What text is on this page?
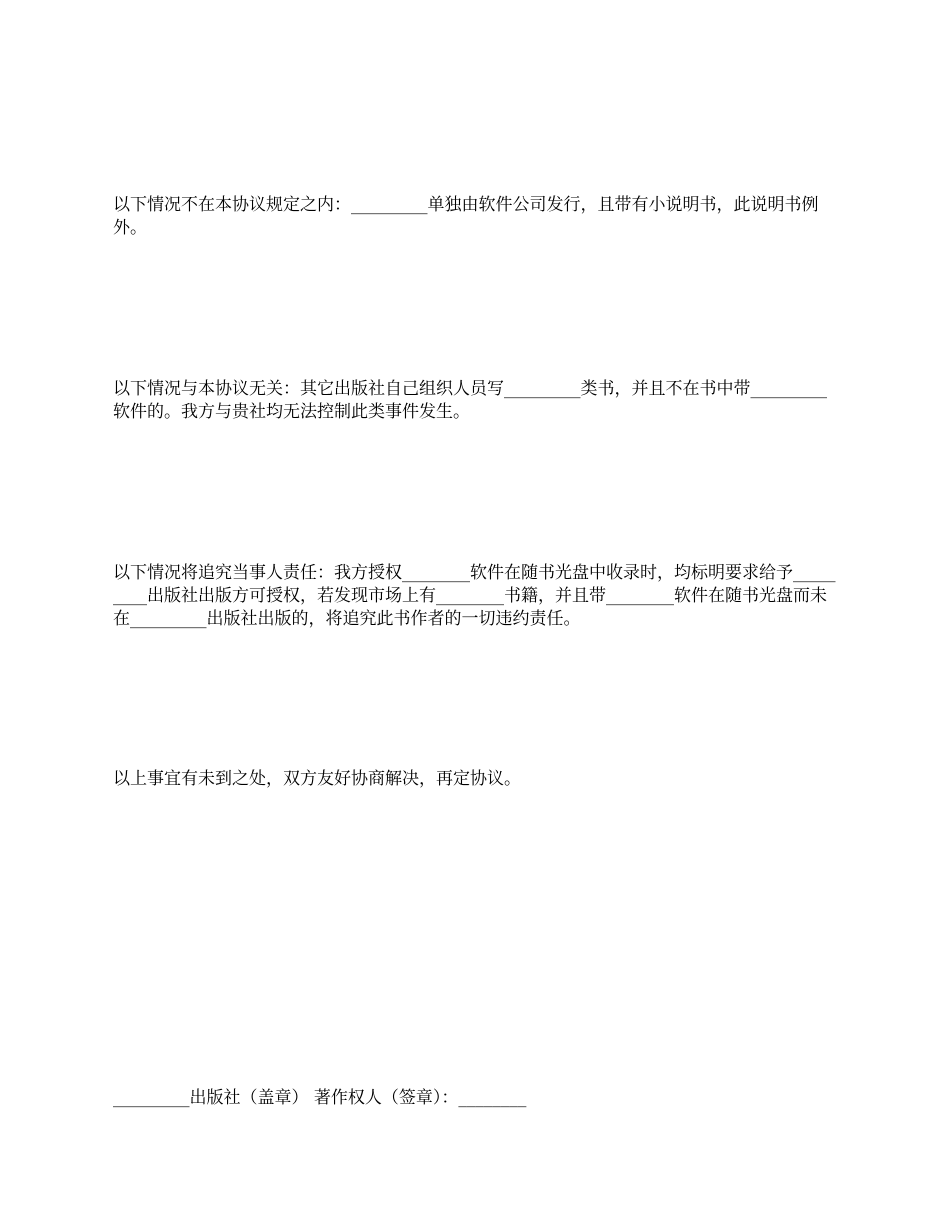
以下情况不在本协议规定之内：_________单独由软件公司发行，且带有小说明书，此说明书例外。

以下情况与本协议无关：其它出版社自己组织人员写_________类书，并且不在书中带_________软件的。我方与贵社均无法控制此类事件发生。

以下情况将追究当事人责任：我方授权________软件在随书光盘中收录时，均标明要求给予_________出版社出版方可授权，若发现市场上有________书籍，并且带________软件在随书光盘而未在_________出版社出版的，将追究此书作者的一切违约责任。

以上事宜有未到之处，双方友好协商解决，再定协议。

_________出版社（盖章） 著作权人（签章）：________
